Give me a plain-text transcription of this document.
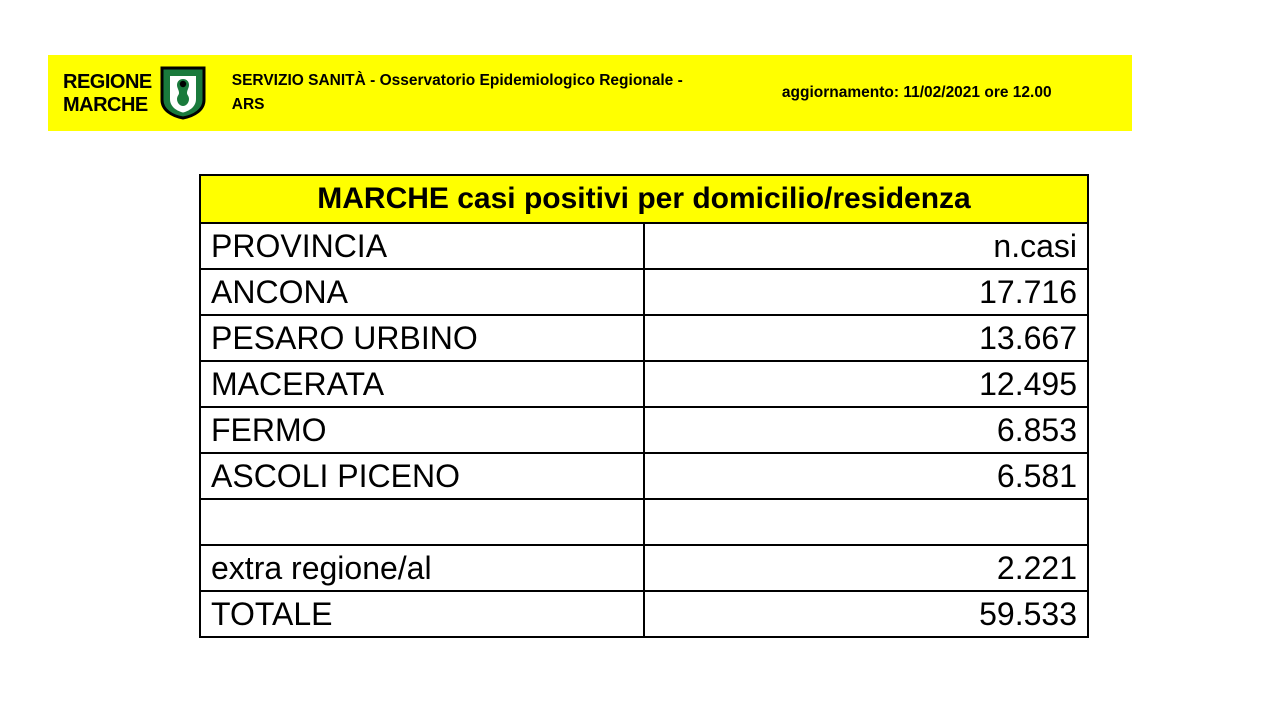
REGIONE
MARCHE
SERVIZIO SANITÀ - Osservatorio Epidemiologico Regionale - ARS
aggiornamento: 11/02/2021 ore 12.00
MARCHE casi positivi per domicilio/residenza	
PROVINCIA	n.casi
ANCONA	17.716
PESARO URBINO	13.667
MACERATA	12.495
FERMO	6.853
ASCOLI PICENO	6.581

extra regione/al	2.221
TOTALE	59.533
